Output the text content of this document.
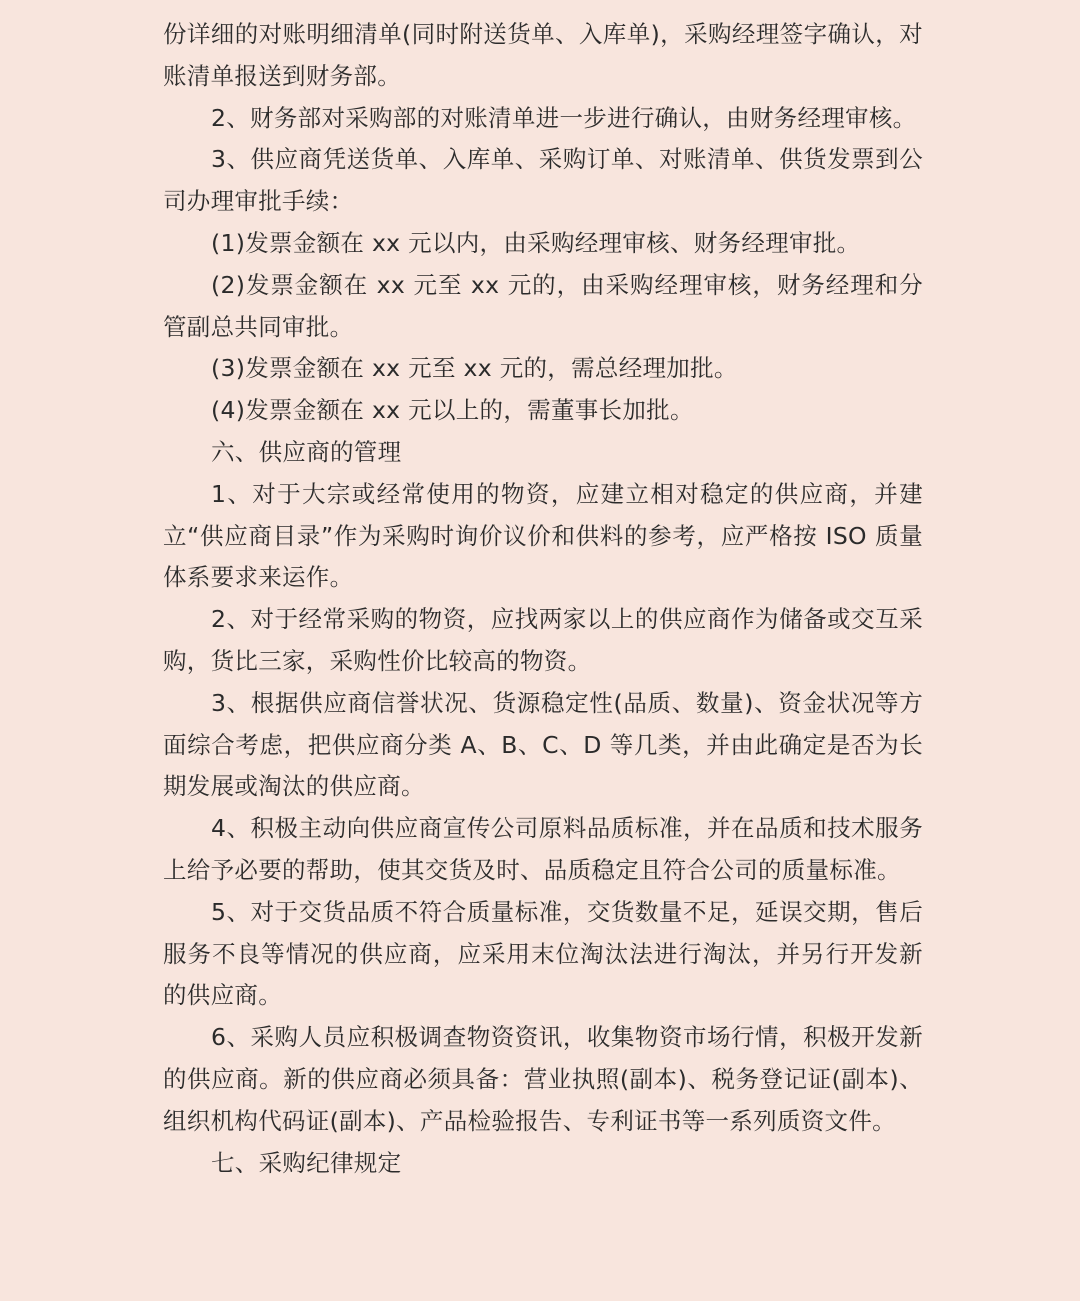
份详细的对账明细清单(同时附送货单、入库单)，采购经理签字确认，对账清单报送到财务部。

2、财务部对采购部的对账清单进一步进行确认，由财务经理审核。

3、供应商凭送货单、入库单、采购订单、对账清单、供货发票到公司办理审批手续：

(1)发票金额在 xx 元以内，由采购经理审核、财务经理审批。

(2)发票金额在 xx 元至 xx 元的，由采购经理审核，财务经理和分管副总共同审批。

(3)发票金额在 xx 元至 xx 元的，需总经理加批。

(4)发票金额在 xx 元以上的，需董事长加批。

六、供应商的管理

1、对于大宗或经常使用的物资，应建立相对稳定的供应商，并建立“供应商目录”作为采购时询价议价和供料的参考，应严格按 ISO 质量体系要求来运作。

2、对于经常采购的物资，应找两家以上的供应商作为储备或交互采购，货比三家，采购性价比较高的物资。

3、根据供应商信誉状况、货源稳定性(品质、数量)、资金状况等方面综合考虑，把供应商分类 A、B、C、D 等几类，并由此确定是否为长期发展或淘汰的供应商。

4、积极主动向供应商宣传公司原料品质标准，并在品质和技术服务上给予必要的帮助，使其交货及时、品质稳定且符合公司的质量标准。

5、对于交货品质不符合质量标准，交货数量不足，延误交期，售后服务不良等情况的供应商，应采用末位淘汰法进行淘汰，并另行开发新的供应商。

6、采购人员应积极调查物资资讯，收集物资市场行情，积极开发新的供应商。新的供应商必须具备：营业执照(副本)、税务登记证(副本)、组织机构代码证(副本)、产品检验报告、专利证书等一系列质资文件。

七、采购纪律规定
